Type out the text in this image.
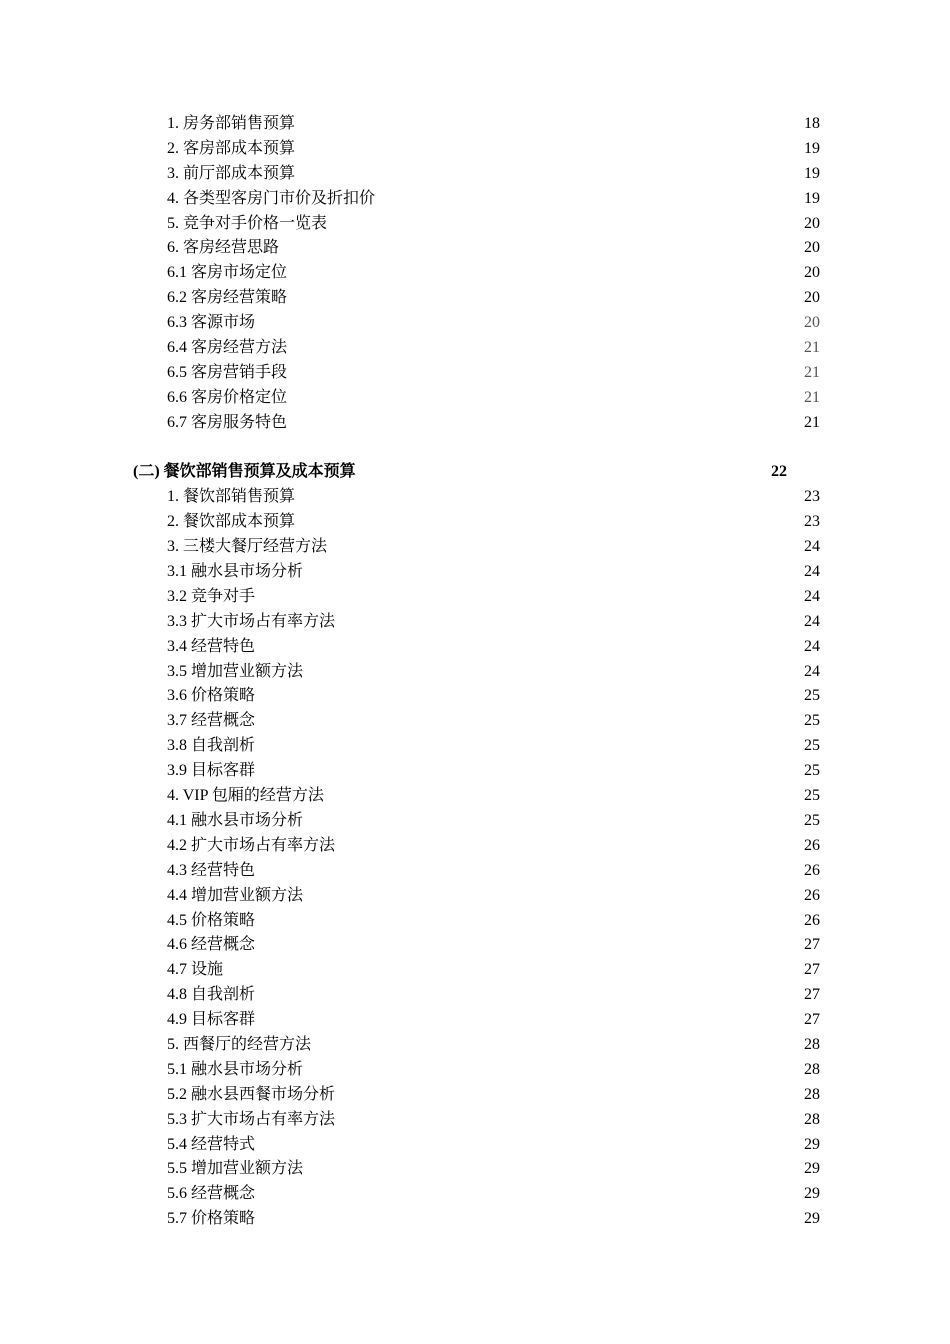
1. 房务部销售预算	18
2. 客房部成本预算	19
3. 前厅部成本预算	19
4. 各类型客房门市价及折扣价	19
5. 竞争对手价格一览表	20
6. 客房经营思路	20
6.1 客房市场定位	20
6.2 客房经营策略	20
6.3 客源市场	20
6.4 客房经营方法	21
6.5 客房营销手段	21
6.6 客房价格定位	21
6.7 客房服务特色	21
(二) 餐饮部销售预算及成本预算	22
1. 餐饮部销售预算	23
2. 餐饮部成本预算	23
3. 三楼大餐厅经营方法	24
3.1 融水县市场分析	24
3.2 竞争对手	24
3.3 扩大市场占有率方法	24
3.4 经营特色	24
3.5 增加营业额方法	24
3.6 价格策略	25
3.7 经营概念	25
3.8 自我剖析	25
3.9 目标客群	25
4. VIP 包厢的经营方法	25
4.1 融水县市场分析	25
4.2 扩大市场占有率方法	26
4.3 经营特色	26
4.4 增加营业额方法	26
4.5 价格策略	26
4.6 经营概念	27
4.7 设施	27
4.8 自我剖析	27
4.9 目标客群	27
5. 西餐厅的经营方法	28
5.1 融水县市场分析	28
5.2 融水县西餐市场分析	28
5.3 扩大市场占有率方法	28
5.4 经营特式	29
5.5 增加营业额方法	29
5.6 经营概念	29
5.7 价格策略	29
